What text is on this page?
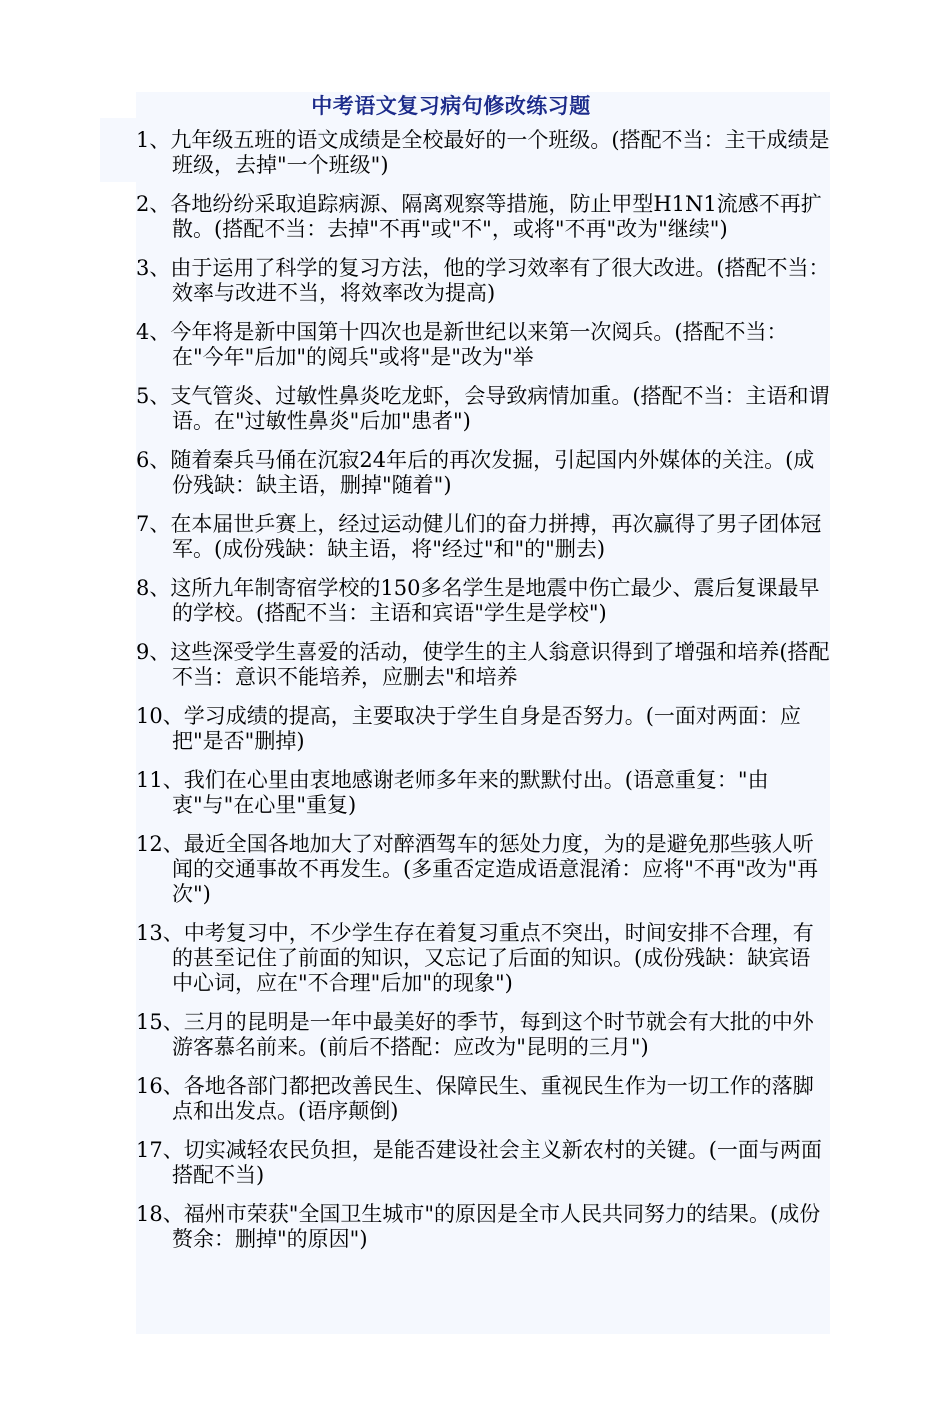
中考语文复习病句修改练习题

1、九年级五班的语文成绩是全校最好的一个班级。(搭配不当：主干成绩是班级，去掉"一个班级")

2、各地纷纷采取追踪病源、隔离观察等措施，防止甲型H1N1流感不再扩散。(搭配不当：去掉"不再"或"不"，或将"不再"改为"继续")

3、由于运用了科学的复习方法，他的学习效率有了很大改进。(搭配不当：效率与改进不当，将效率改为提高)

4、今年将是新中国第十四次也是新世纪以来第一次阅兵。(搭配不当：在"今年"后加"的阅兵"或将"是"改为"举

5、支气管炎、过敏性鼻炎吃龙虾，会导致病情加重。(搭配不当：主语和谓语。在"过敏性鼻炎"后加"患者")

6、随着秦兵马俑在沉寂24年后的再次发掘，引起国内外媒体的关注。(成份残缺：缺主语，删掉"随着")

7、在本届世乒赛上，经过运动健儿们的奋力拼搏，再次赢得了男子团体冠军。(成份残缺：缺主语，将"经过"和"的"删去)

8、这所九年制寄宿学校的150多名学生是地震中伤亡最少、震后复课最早的学校。(搭配不当：主语和宾语"学生是学校")

9、这些深受学生喜爱的活动，使学生的主人翁意识得到了增强和培养(搭配不当：意识不能培养，应删去"和培养

10、学习成绩的提高，主要取决于学生自身是否努力。(一面对两面：应把"是否"删掉)

11、我们在心里由衷地感谢老师多年来的默默付出。(语意重复："由衷"与"在心里"重复)

12、最近全国各地加大了对醉酒驾车的惩处力度，为的是避免那些骇人听闻的交通事故不再发生。(多重否定造成语意混淆：应将"不再"改为"再次")

13、中考复习中，不少学生存在着复习重点不突出，时间安排不合理，有的甚至记住了前面的知识，又忘记了后面的知识。(成份残缺：缺宾语中心词，应在"不合理"后加"的现象")

15、三月的昆明是一年中最美好的季节，每到这个时节就会有大批的中外游客慕名前来。(前后不搭配：应改为"昆明的三月")

16、各地各部门都把改善民生、保障民生、重视民生作为一切工作的落脚点和出发点。(语序颠倒)

17、切实减轻农民负担，是能否建设社会主义新农村的关键。(一面与两面搭配不当)

18、福州市荣获"全国卫生城市"的原因是全市人民共同努力的结果。(成份赘余：删掉"的原因")
